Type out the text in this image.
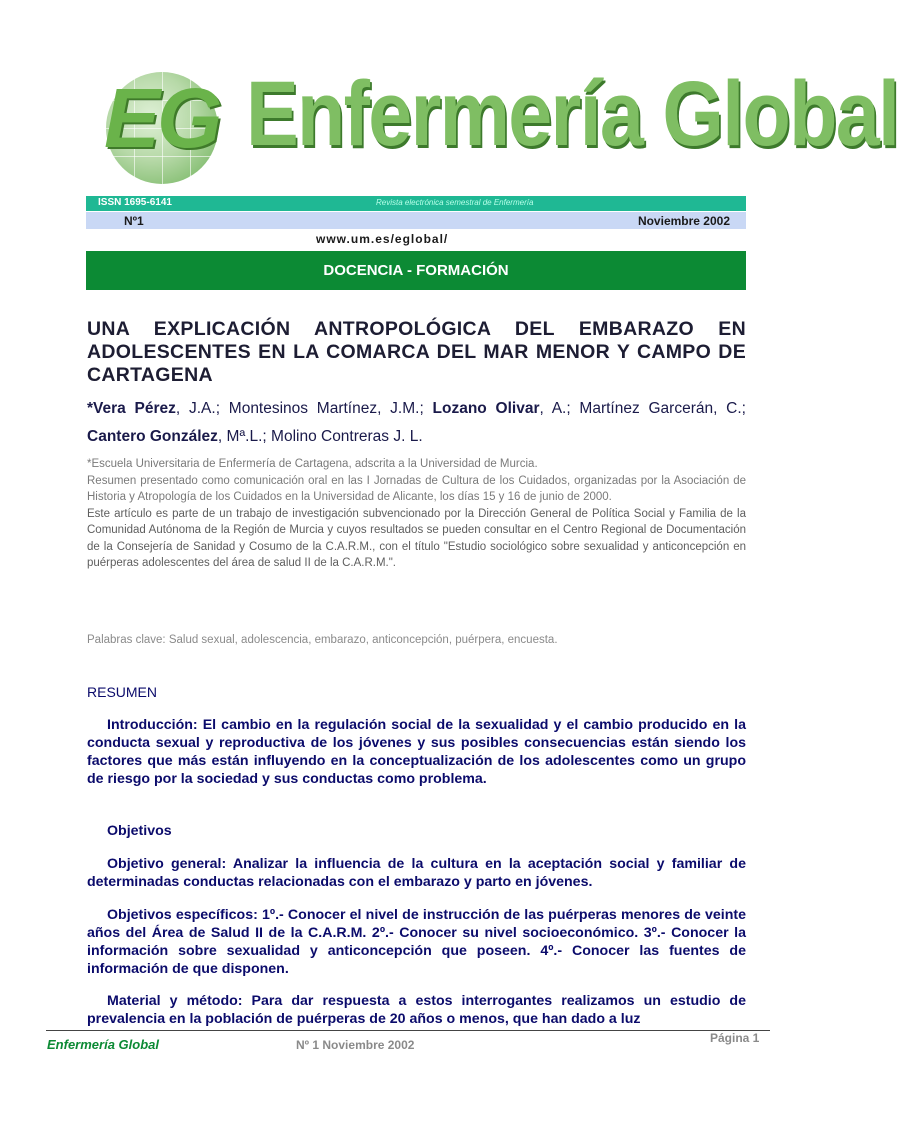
EG Enfermería Global
ISSN 1695-6141	Revista electrónica semestral de Enfermería
Nº1	Noviembre 2002
www.um.es/eglobal/
DOCENCIA - FORMACIÓN
UNA EXPLICACIÓN ANTROPOLÓGICA DEL EMBARAZO EN ADOLESCENTES EN LA COMARCA DEL MAR MENOR Y CAMPO DE CARTAGENA
*Vera Pérez, J.A.; Montesinos Martínez, J.M.; Lozano Olivar, A.; Martínez Garcerán, C.; Cantero González, Mª.L.; Molino Contreras J. L.

*Escuela Universitaria de Enfermería de Cartagena, adscrita a la Universidad de Murcia.

Resumen presentado como comunicación oral en las I Jornadas de Cultura de los Cuidados, organizadas por la Asociación de Historia y Atropología de los Cuidados en la Universidad de Alicante, los días 15 y 16 de junio de 2000.

Este artículo es parte de un trabajo de investigación subvencionado por la Dirección General de Política Social y Familia de la Comunidad Autónoma de la Región de Murcia y cuyos resultados se pueden consultar en el Centro Regional de Documentación de la Consejería de Sanidad y Cosumo de la C.A.R.M., con el título "Estudio sociológico sobre sexualidad y anticoncepción en puérperas adolescentes del área de salud II de la C.A.R.M.".

Palabras clave: Salud sexual, adolescencia, embarazo, anticoncepción, puérpera, encuesta.
RESUMEN
Introducción: El cambio en la regulación social de la sexualidad y el cambio producido en la conducta sexual y reproductiva de los jóvenes y sus posibles consecuencias están siendo los factores que más están influyendo en la conceptualización de los adolescentes como un grupo de riesgo por la sociedad y sus conductas como problema.
Objetivos
Objetivo general: Analizar la influencia de la cultura en la aceptación social y familiar de determinadas conductas relacionadas con el embarazo y parto en jóvenes.
Objetivos específicos: 1º.- Conocer el nivel de instrucción de las puérperas menores de veinte años del Área de Salud II de la C.A.R.M. 2º.- Conocer su nivel socioeconómico. 3º.- Conocer la información sobre sexualidad y anticoncepción que poseen. 4º.- Conocer las fuentes de información de que disponen.
Material y método: Para dar respuesta a estos interrogantes realizamos un estudio de prevalencia en la población de puérperas de 20 años o menos, que han dado a luz
Enfermería Global	Nº 1 Noviembre 2002	Página 1
